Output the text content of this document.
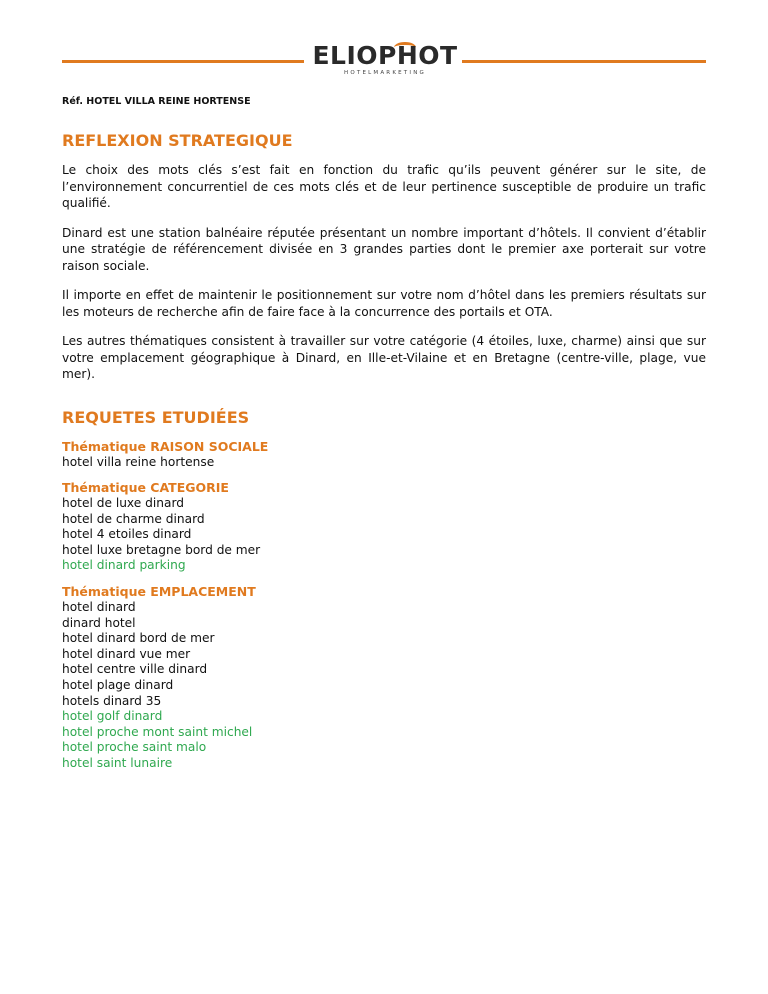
ELIOPHOT
HOTELMARKETING
Réf. HOTEL VILLA REINE HORTENSE
REFLEXION STRATEGIQUE

Le choix des mots clés s’est fait en fonction du trafic qu’ils peuvent générer sur le site, de l’environnement concurrentiel de ces mots clés et de leur pertinence susceptible de produire un trafic qualifié.

Dinard est une station balnéaire réputée présentant un nombre important d’hôtels. Il convient d’établir une stratégie de référencement divisée en 3 grandes parties dont le premier axe porterait sur votre raison sociale.

Il importe en effet de maintenir le positionnement sur votre nom d’hôtel dans les premiers résultats sur les moteurs de recherche afin de faire face à la concurrence des portails et OTA.

Les autres thématiques consistent à travailler sur votre catégorie (4 étoiles, luxe, charme) ainsi que sur votre emplacement géographique à Dinard, en Ille-et-Vilaine et en Bretagne (centre-ville, plage, vue mer).

REQUETES ETUDIÉES

Thématique RAISON SOCIALE

hotel villa reine hortense

Thématique CATEGORIE

hotel de luxe dinard

hotel de charme dinard

hotel 4 etoiles dinard

hotel luxe bretagne bord de mer

hotel dinard parking

Thématique EMPLACEMENT

hotel dinard

dinard hotel

hotel dinard bord de mer

hotel dinard vue mer

hotel centre ville dinard

hotel plage dinard

hotels dinard 35

hotel golf dinard

hotel proche mont saint michel

hotel proche saint malo

hotel saint lunaire
